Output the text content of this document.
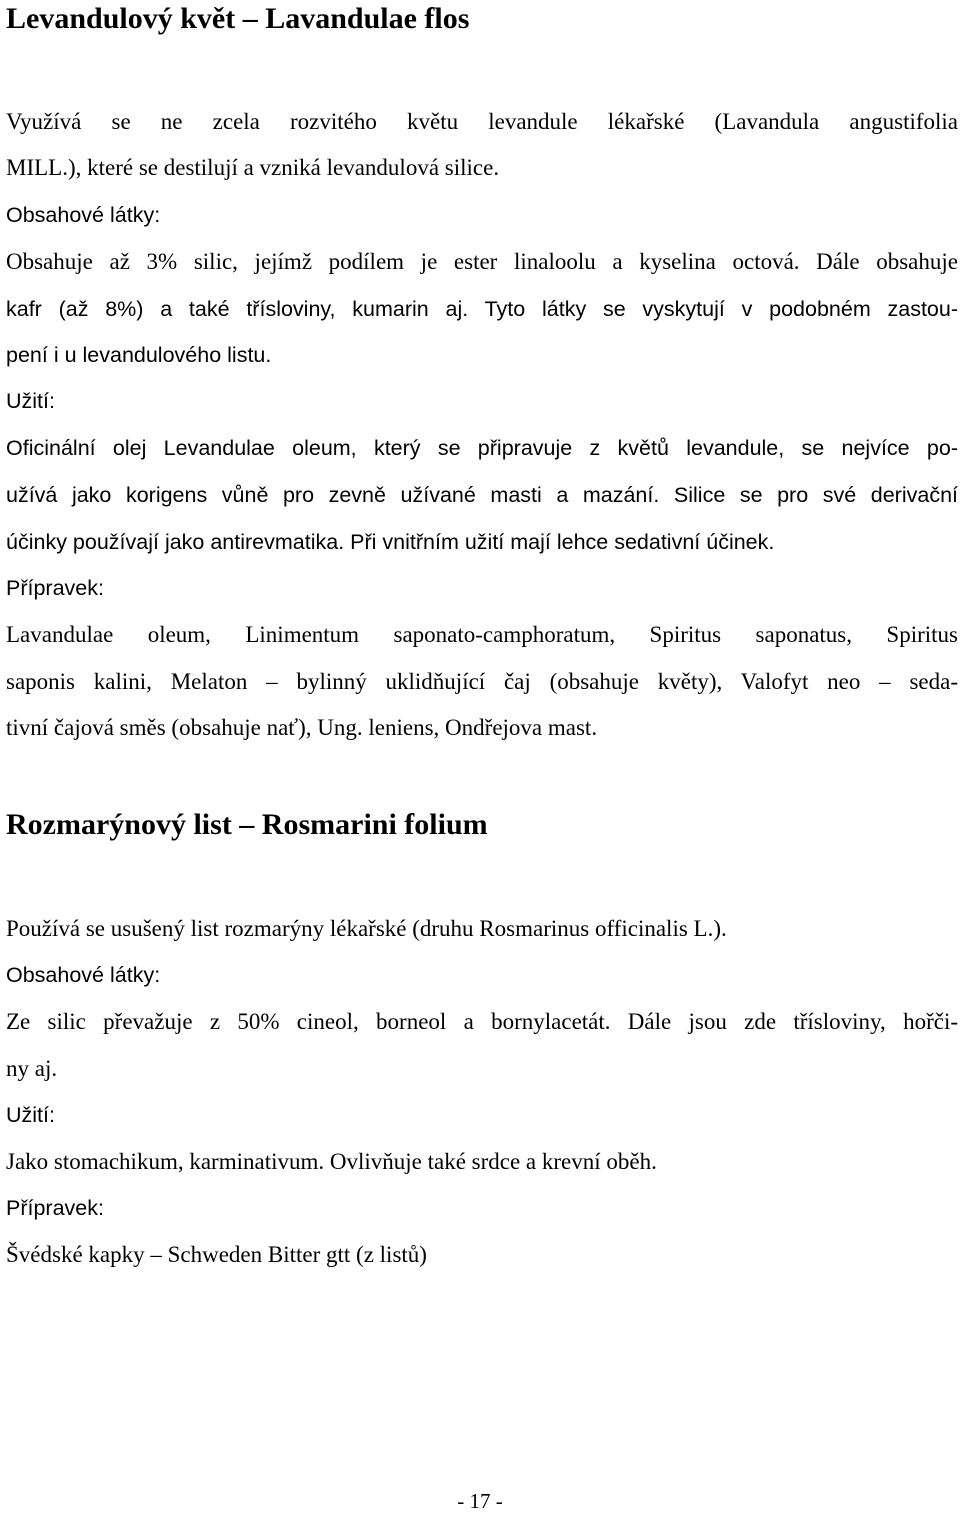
Levandulový květ – Lavandulae flos
Využívá se ne zcela rozvitého květu levandule lékařské (Lavandula angustifolia
MILL.), které se destilují a vzniká levandulová silice.
Obsahové látky:
Obsahuje až 3% silic, jejímž podílem je ester linaloolu a kyselina octová. Dále obsahuje
kafr (až 8%) a také třísloviny, kumarin aj. Tyto látky se vyskytují v podobném zastou-
pení i u levandulového listu.
Užití:
Oficinální olej Levandulae oleum, který se připravuje z květů levandule, se nejvíce po-
užívá jako korigens vůně pro zevně užívané masti a mazání. Silice se pro své derivační
účinky používají jako antirevmatika. Při vnitřním užití mají lehce sedativní účinek.
Přípravek:
Lavandulae oleum, Linimentum saponato-camphoratum, Spiritus saponatus, Spiritus
saponis kalini, Melaton – bylinný uklidňující čaj (obsahuje květy), Valofyt neo – seda-
tivní čajová směs (obsahuje nať), Ung. leniens, Ondřejova mast.
Rozmarýnový list – Rosmarini folium
Používá se usušený list rozmarýny lékařské (druhu Rosmarinus officinalis L.).
Obsahové látky:
Ze silic převažuje z 50% cineol, borneol a bornylacetát. Dále jsou zde třísloviny, hořči-
ny aj.
Užití:
Jako stomachikum, karminativum. Ovlivňuje také srdce a krevní oběh.
Přípravek:
Švédské kapky – Schweden Bitter gtt (z listů)
- 17 -
